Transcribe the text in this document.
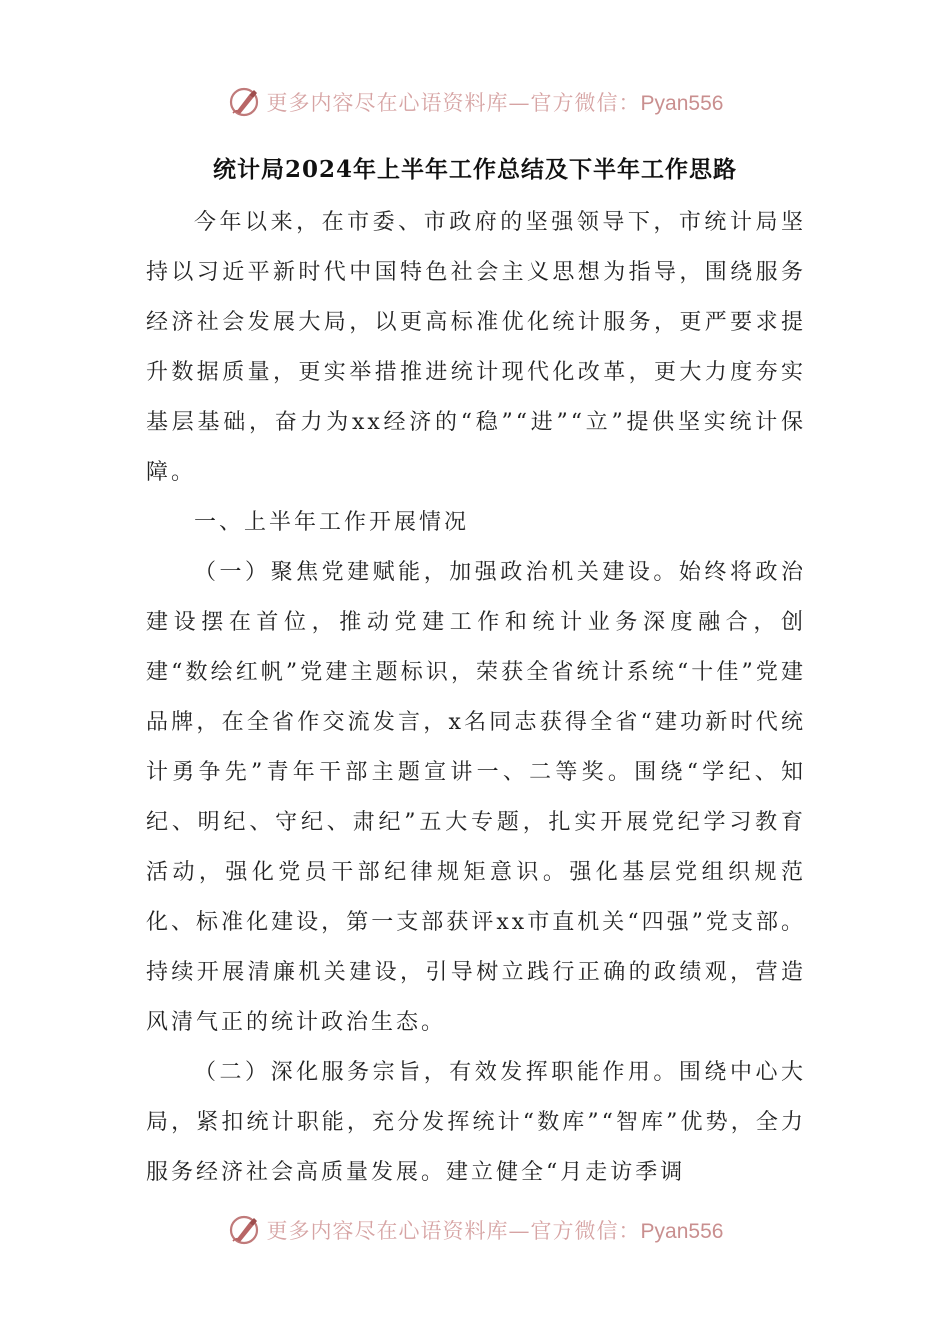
更多内容尽在心语资料库—官方微信：Pyan556
统计局2024年上半年工作总结及下半年工作思路

今年以来，在市委、市政府的坚强领导下，市统计局坚持以习近平新时代中国特色社会主义思想为指导，围绕服务经济社会发展大局，以更高标准优化统计服务，更严要求提升数据质量，更实举措推进统计现代化改革，更大力度夯实基层基础，奋力为xx经济的“稳”“进”“立”提供坚实统计保障。

一、上半年工作开展情况

（一）聚焦党建赋能，加强政治机关建设。始终将政治建设摆在首位，推动党建工作和统计业务深度融合，创建“数绘红帆”党建主题标识，荣获全省统计系统“十佳”党建品牌，在全省作交流发言，x名同志获得全省“建功新时代统计勇争先”青年干部主题宣讲一、二等奖。围绕“学纪、知纪、明纪、守纪、肃纪”五大专题，扎实开展党纪学习教育活动，强化党员干部纪律规矩意识。强化基层党组织规范化、标准化建设，第一支部获评xx市直机关“四强”党支部。持续开展清廉机关建设，引导树立践行正确的政绩观，营造风清气正的统计政治生态。

（二）深化服务宗旨，有效发挥职能作用。围绕中心大局，紧扣统计职能，充分发挥统计“数库”“智库”优势，全力服务经济社会高质量发展。建立健全“月走访季调

更多内容尽在心语资料库—官方微信：Pyan556
